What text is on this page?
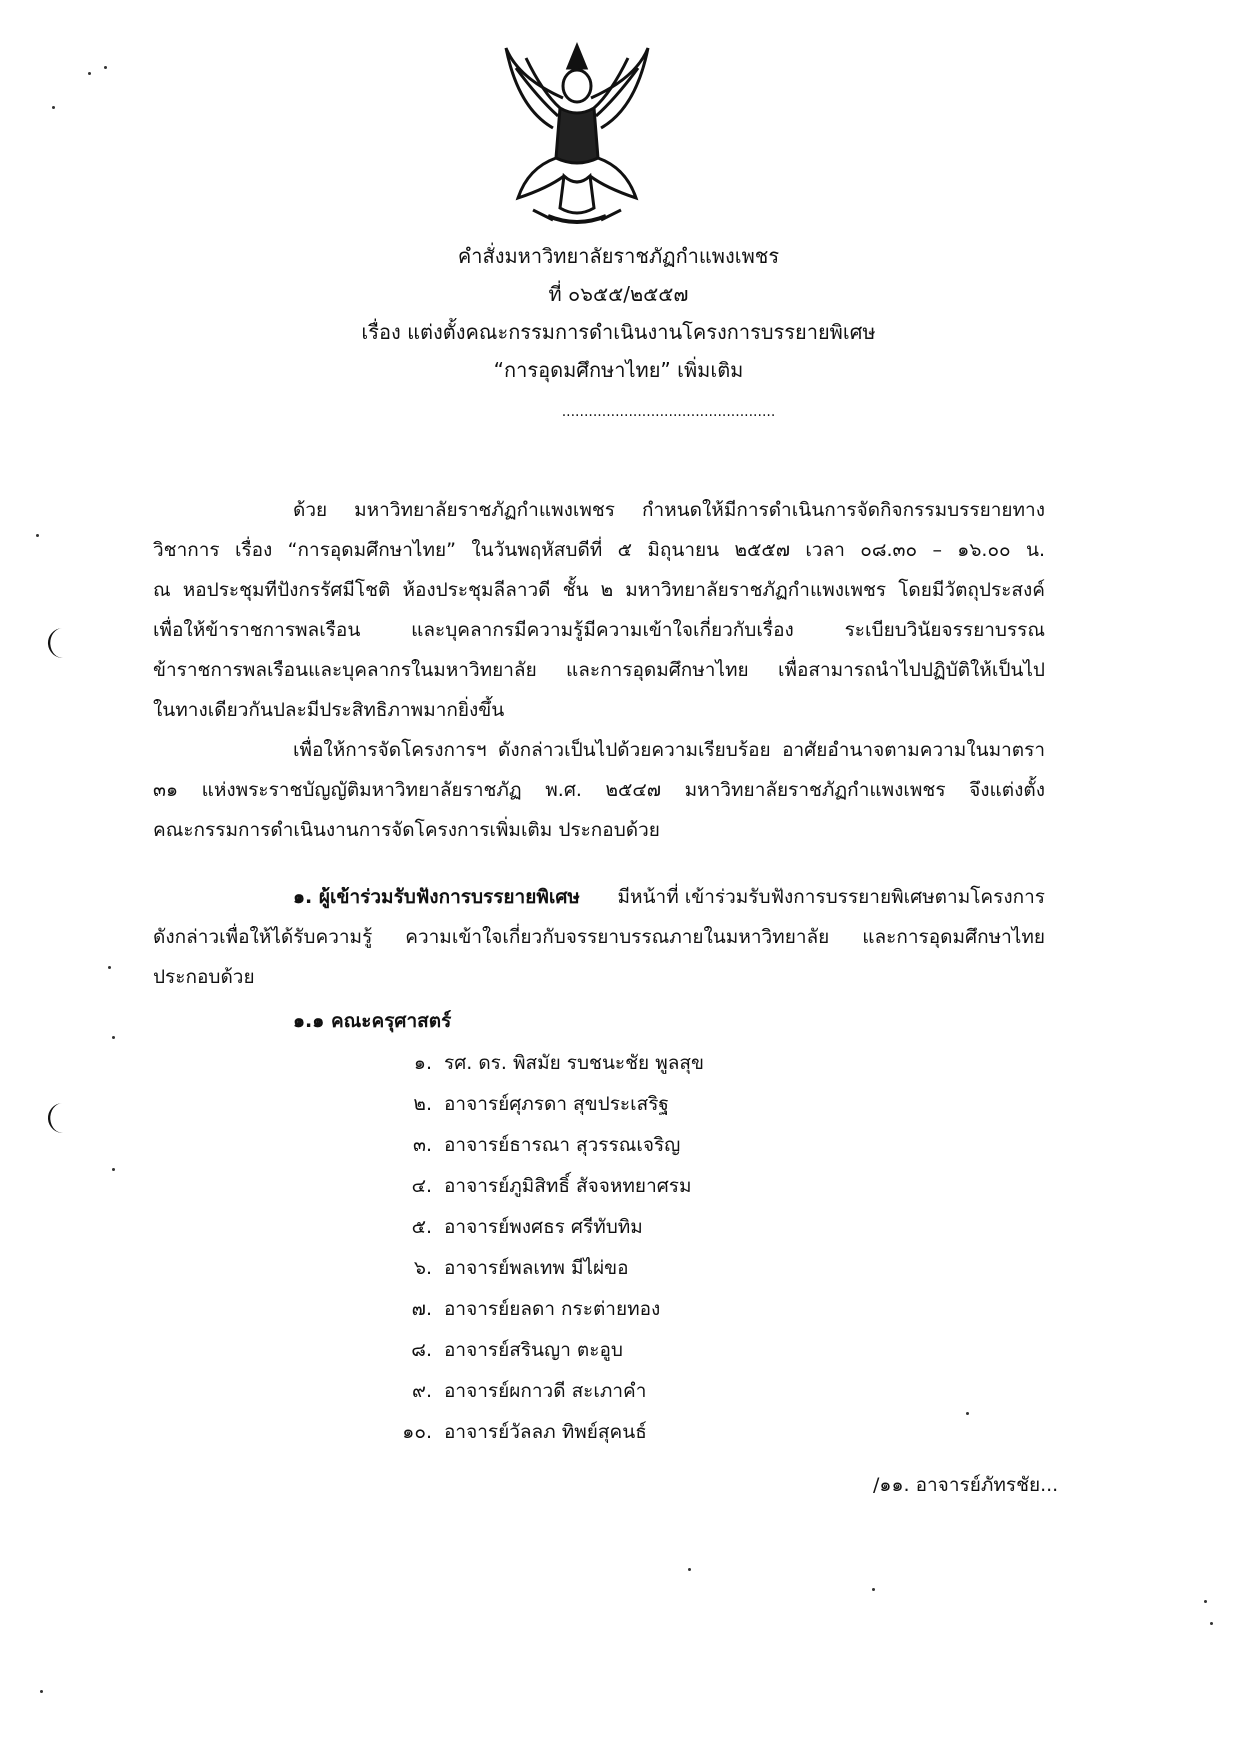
คำสั่งมหาวิทยาลัยราชภัฏกำแพงเพชร
ที่ ๐๖๕๕/๒๕๕๗
เรื่อง แต่งตั้งคณะกรรมการดำเนินงานโครงการบรรยายพิเศษ
“การอุดมศึกษาไทย” เพิ่มเติม
................................................
ด้วย มหาวิทยาลัยราชภัฏกำแพงเพชร กำหนดให้มีการดำเนินการจัดกิจกรรมบรรยายทาง
วิชาการ เรื่อง “การอุดมศึกษาไทย” ในวันพฤหัสบดีที่ ๕ มิถุนายน ๒๕๕๗ เวลา ๐๘.๓๐ – ๑๖.๐๐ น.
ณ หอประชุมทีปังกรรัศมีโชติ ห้องประชุมลีลาวดี ชั้น ๒ มหาวิทยาลัยราชภัฏกำแพงเพชร โดยมีวัตถุประสงค์
เพื่อให้ข้าราชการพลเรือน และบุคลากรมีความรู้มีความเข้าใจเกี่ยวกับเรื่อง ระเบียบวินัยจรรยาบรรณ
ข้าราชการพลเรือนและบุคลากรในมหาวิทยาลัย และการอุดมศึกษาไทย เพื่อสามารถนำไปปฏิบัติให้เป็นไป
ในทางเดียวกันปละมีประสิทธิภาพมากยิ่งขึ้น
เพื่อให้การจัดโครงการฯ ดังกล่าวเป็นไปด้วยความเรียบร้อย อาศัยอำนาจตามความในมาตรา
๓๑ แห่งพระราชบัญญัติมหาวิทยาลัยราชภัฏ พ.ศ. ๒๕๔๗ มหาวิทยาลัยราชภัฏกำแพงเพชร จึงแต่งตั้ง
คณะกรรมการดำเนินงานการจัดโครงการเพิ่มเติม ประกอบด้วย
๑. ผู้เข้าร่วมรับฟังการบรรยายพิเศษ มีหน้าที่ เข้าร่วมรับฟังการบรรยายพิเศษตามโครงการ
ดังกล่าวเพื่อให้ได้รับความรู้ ความเข้าใจเกี่ยวกับจรรยาบรรณภายในมหาวิทยาลัย และการอุดมศึกษาไทย
ประกอบด้วย
๑.๑ คณะครุศาสตร์
๑. รศ. ดร. พิสมัย รบชนะชัย พูลสุข
๒. อาจารย์ศุภรดา สุขประเสริฐ
๓. อาจารย์ธารณา สุวรรณเจริญ
๔. อาจารย์ภูมิสิทธิ์ สัจจหทยาศรม
๕. อาจารย์พงศธร ศรีทับทิม
๖. อาจารย์พลเทพ มีไผ่ขอ
๗. อาจารย์ยลดา กระต่ายทอง
๘. อาจารย์สรินญา ตะอูบ
๙. อาจารย์ผกาวดี สะเภาคำ
๑๐. อาจารย์วัลลภ ทิพย์สุคนธ์
/๑๑. อาจารย์ภัทรชัย...
